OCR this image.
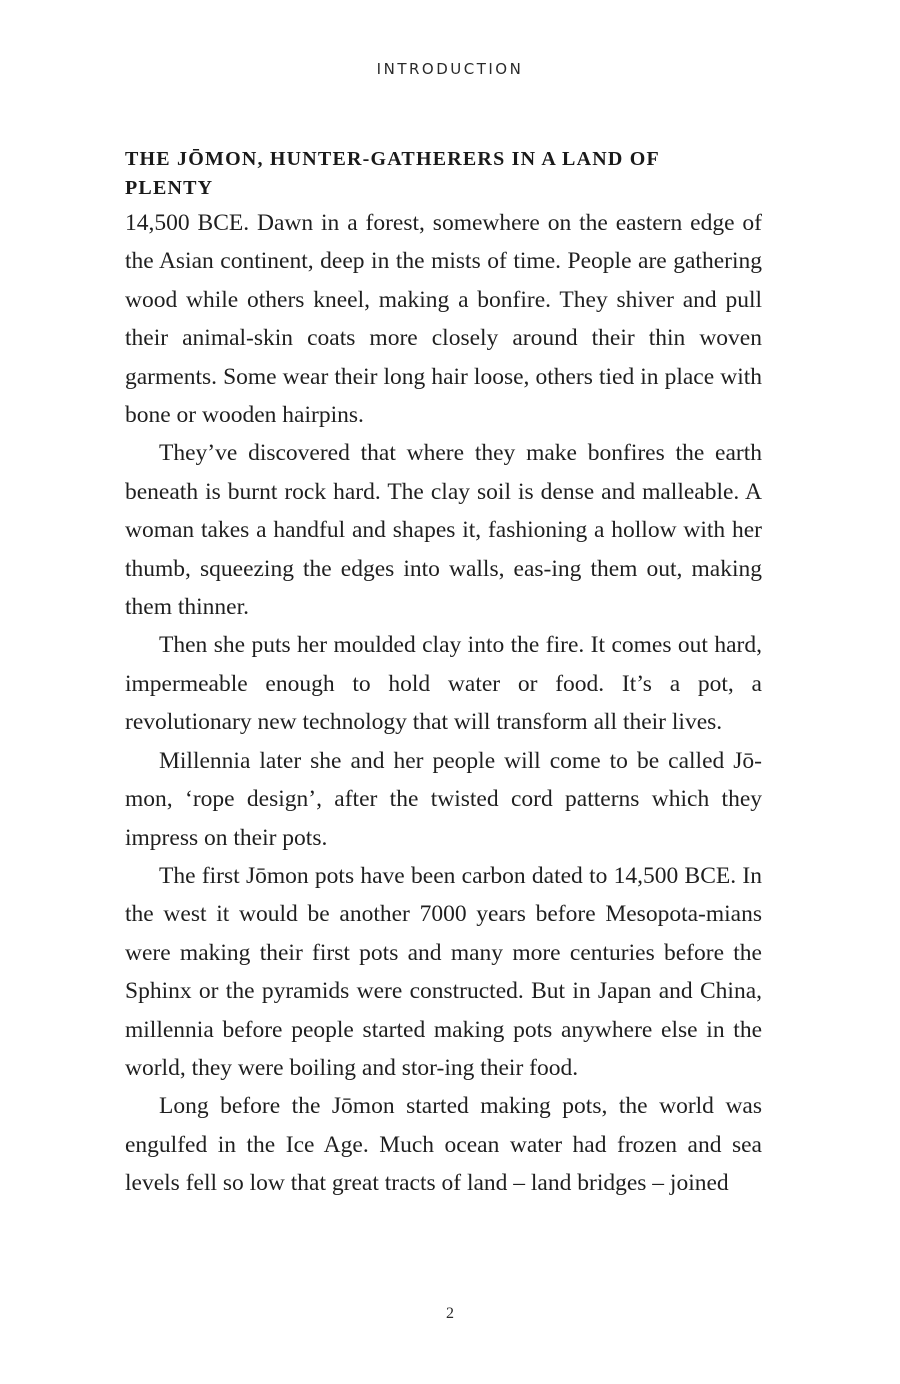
INTRODUCTION
THE JŌMON, HUNTER-GATHERERS IN A LAND OF PLENTY

14,500 BCE. Dawn in a forest, somewhere on the eastern edge of the Asian continent, deep in the mists of time. People are gathering wood while others kneel, making a bonfire. They shiver and pull their animal-skin coats more closely around their thin woven garments. Some wear their long hair loose, others tied in place with bone or wooden hairpins.

They’ve discovered that where they make bonfires the earth beneath is burnt rock hard. The clay soil is dense and malleable. A woman takes a handful and shapes it, fashioning a hollow with her thumb, squeezing the edges into walls, eas-ing them out, making them thinner.

Then she puts her moulded clay into the fire. It comes out hard, impermeable enough to hold water or food. It’s a pot, a revolutionary new technology that will transform all their lives.

Millennia later she and her people will come to be called Jō-mon, ‘rope design’, after the twisted cord patterns which they impress on their pots.

The first Jōmon pots have been carbon dated to 14,500 BCE. In the west it would be another 7000 years before Mesopota-mians were making their first pots and many more centuries before the Sphinx or the pyramids were constructed. But in Japan and China, millennia before people started making pots anywhere else in the world, they were boiling and stor-ing their food.

Long before the Jōmon started making pots, the world was engulfed in the Ice Age. Much ocean water had frozen and sea levels fell so low that great tracts of land – land bridges – joined

2
